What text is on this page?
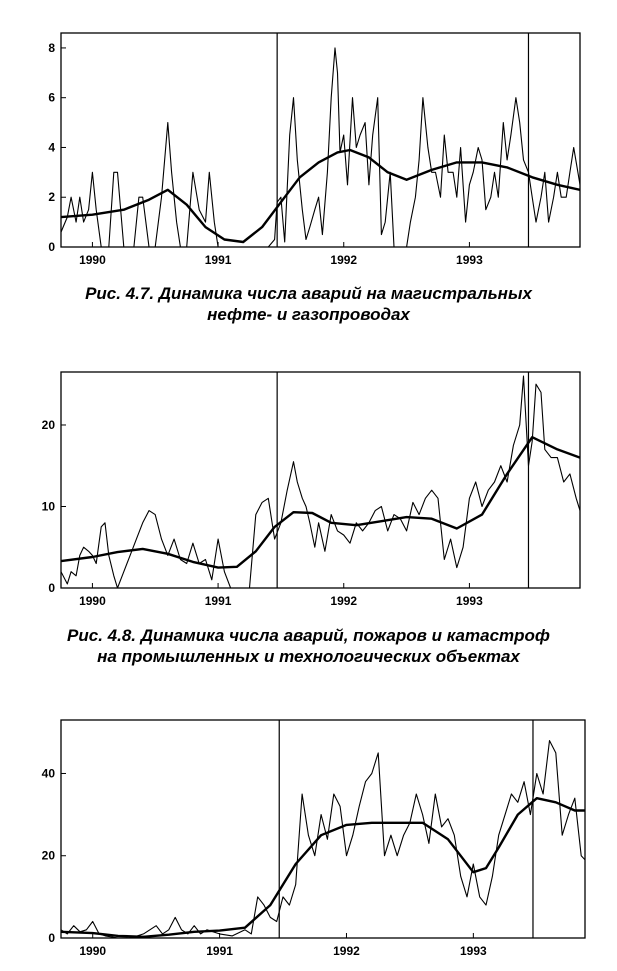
0
2
4
6
8
1990	1991	1992	1993
0
10
20
1990	1991	1992	1993
0
20
40
1990	1991	1992	1993
Рис. 4.7. Динамика числа аварий на магистральных
нефте- и газопроводах
Рис. 4.8. Динамика числа аварий, пожаров и катастроф
на промышленных и технологических объектах
